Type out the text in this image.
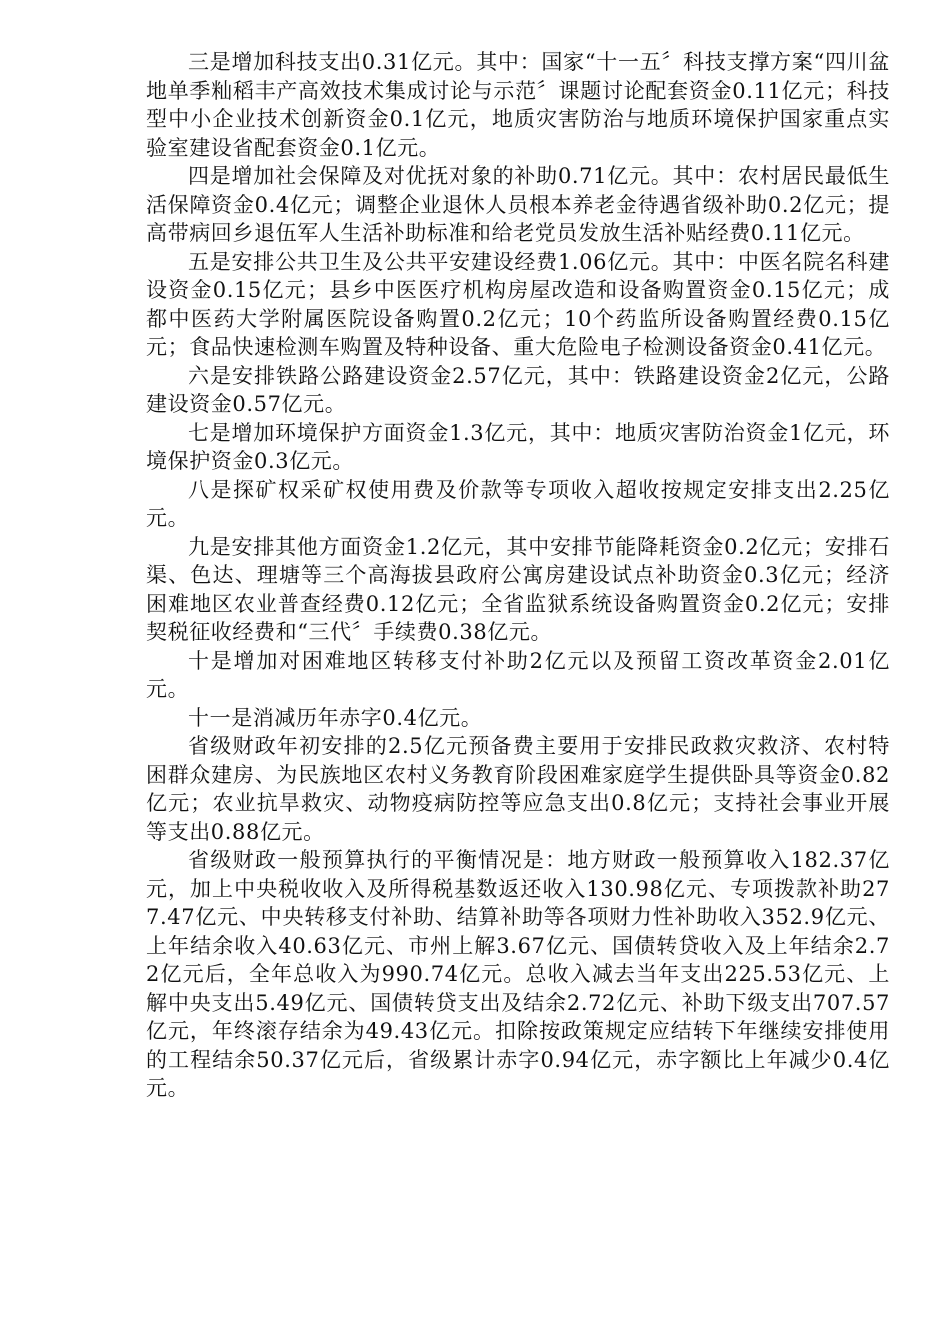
三是增加科技支出0.31亿元。其中：国家“十一五〞科技支撑方案“四川盆地单季籼稻丰产高效技术集成讨论与示范〞课题讨论配套资金0.11亿元；科技型中小企业技术创新资金0.1亿元，地质灾害防治与地质环境保护国家重点实验室建设省配套资金0.1亿元。

四是增加社会保障及对优抚对象的补助0.71亿元。其中：农村居民最低生活保障资金0.4亿元；调整企业退休人员根本养老金待遇省级补助0.2亿元；提高带病回乡退伍军人生活补助标准和给老党员发放生活补贴经费0.11亿元。

五是安排公共卫生及公共平安建设经费1.06亿元。其中：中医名院名科建设资金0.15亿元；县乡中医医疗机构房屋改造和设备购置资金0.15亿元；成都中医药大学附属医院设备购置0.2亿元；10个药监所设备购置经费0.15亿元；食品快速检测车购置及特种设备、重大危险电子检测设备资金0.41亿元。

六是安排铁路公路建设资金2.57亿元，其中：铁路建设资金2亿元，公路建设资金0.57亿元。

七是增加环境保护方面资金1.3亿元，其中：地质灾害防治资金1亿元，环境保护资金0.3亿元。

八是探矿权采矿权使用费及价款等专项收入超收按规定安排支出2.25亿元。

九是安排其他方面资金1.2亿元，其中安排节能降耗资金0.2亿元；安排石渠、色达、理塘等三个高海拔县政府公寓房建设试点补助资金0.3亿元；经济困难地区农业普查经费0.12亿元；全省监狱系统设备购置资金0.2亿元；安排契税征收经费和“三代〞手续费0.38亿元。

十是增加对困难地区转移支付补助2亿元以及预留工资改革资金2.01亿元。

十一是消减历年赤字0.4亿元。

省级财政年初安排的2.5亿元预备费主要用于安排民政救灾救济、农村特困群众建房、为民族地区农村义务教育阶段困难家庭学生提供卧具等资金0.82亿元；农业抗旱救灾、动物疫病防控等应急支出0.8亿元；支持社会事业开展等支出0.88亿元。

省级财政一般预算执行的平衡情况是：地方财政一般预算收入182.37亿元，加上中央税收收入及所得税基数返还收入130.98亿元、专项拨款补助277.47亿元、中央转移支付补助、结算补助等各项财力性补助收入352.9亿元、上年结余收入40.63亿元、市州上解3.67亿元、国债转贷收入及上年结余2.72亿元后，全年总收入为990.74亿元。总收入减去当年支出225.53亿元、上解中央支出5.49亿元、国债转贷支出及结余2.72亿元、补助下级支出707.57亿元，年终滚存结余为49.43亿元。扣除按政策规定应结转下年继续安排使用的工程结余50.37亿元后，省级累计赤字0.94亿元，赤字额比上年减少0.4亿元。
